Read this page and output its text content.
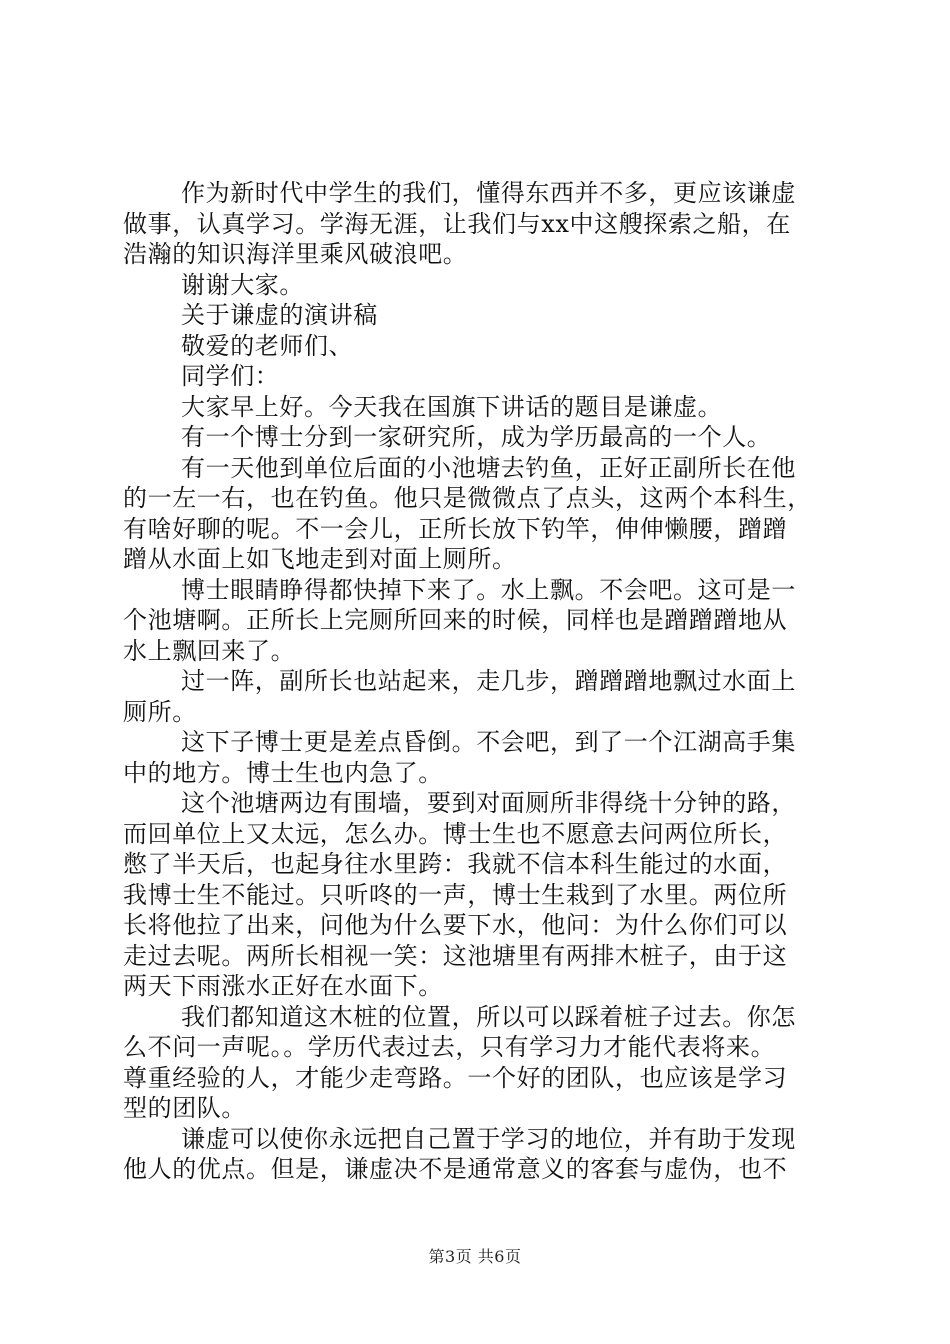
作为新时代中学生的我们，懂得东西并不多，更应该谦虚
做事，认真学习。学海无涯，让我们与xx中这艘探索之船，在
浩瀚的知识海洋里乘风破浪吧。
谢谢大家。
关于谦虚的演讲稿
敬爱的老师们、
同学们：
大家早上好。今天我在国旗下讲话的题目是谦虚。
有一个博士分到一家研究所，成为学历最高的一个人。
有一天他到单位后面的小池塘去钓鱼，正好正副所长在他
的一左一右，也在钓鱼。他只是微微点了点头，这两个本科生，
有啥好聊的呢。不一会儿，正所长放下钓竿，伸伸懒腰，蹭蹭
蹭从水面上如飞地走到对面上厕所。
博士眼睛睁得都快掉下来了。水上飘。不会吧。这可是一
个池塘啊。正所长上完厕所回来的时候，同样也是蹭蹭蹭地从
水上飘回来了。
过一阵，副所长也站起来，走几步，蹭蹭蹭地飘过水面上
厕所。
这下子博士更是差点昏倒。不会吧，到了一个江湖高手集
中的地方。博士生也内急了。
这个池塘两边有围墙，要到对面厕所非得绕十分钟的路，
而回单位上又太远，怎么办。博士生也不愿意去问两位所长，
憋了半天后，也起身往水里跨：我就不信本科生能过的水面，
我博士生不能过。只听咚的一声，博士生栽到了水里。两位所
长将他拉了出来，问他为什么要下水，他问：为什么你们可以
走过去呢。两所长相视一笑：这池塘里有两排木桩子，由于这
两天下雨涨水正好在水面下。
我们都知道这木桩的位置，所以可以踩着桩子过去。你怎
么不问一声呢。。学历代表过去，只有学习力才能代表将来。
尊重经验的人，才能少走弯路。一个好的团队，也应该是学习
型的团队。
谦虚可以使你永远把自己置于学习的地位，并有助于发现
他人的优点。但是，谦虚决不是通常意义的客套与虚伪，也不
第3页 共6页
